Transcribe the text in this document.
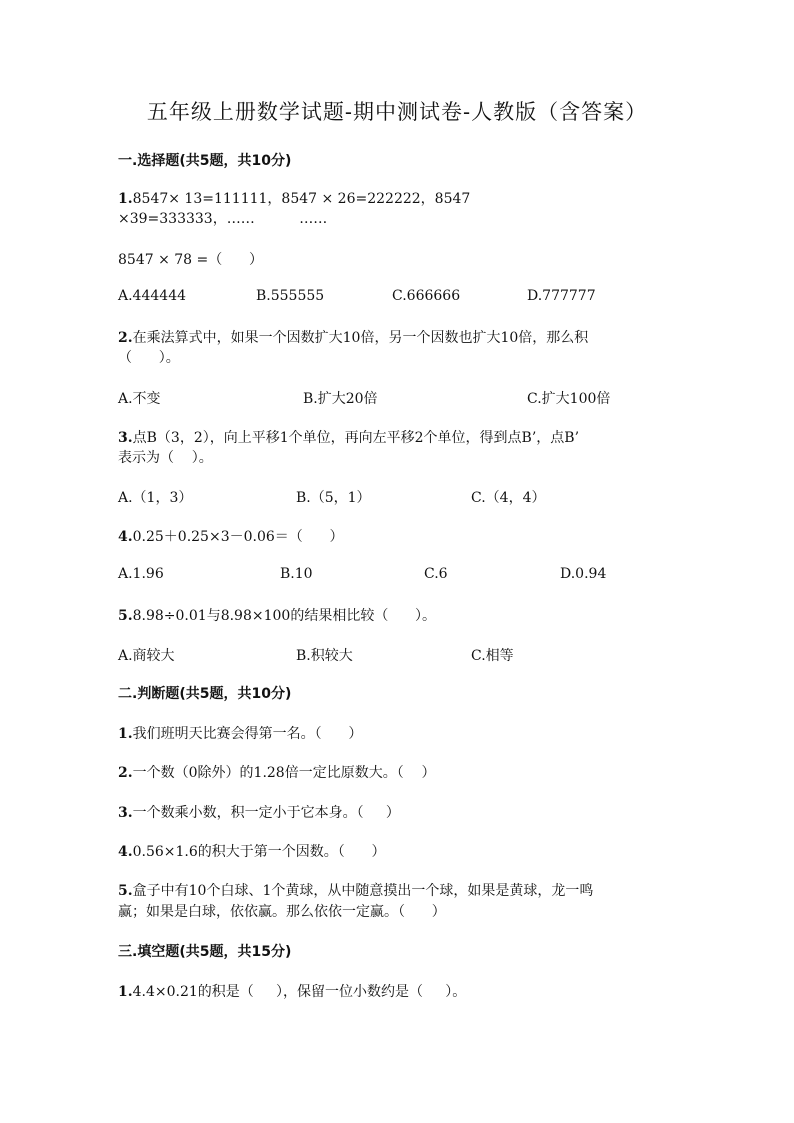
五年级上册数学试题-期中测试卷-人教版（含答案）
一.选择题(共5题，共10分)
1.8547× 13=111111，8547 × 26=222222，8547
×39=333333，……          ……
8547 × 78 =（      ）
A.444444	B.555555	C.666666	D.777777
2.在乘法算式中，如果一个因数扩大10倍，另一个因数也扩大10倍，那么积
（      ）。
A.不变	B.扩大20倍	C.扩大100倍
3.点B（3，2），向上平移1个单位，再向左平移2个单位，得到点B’，点B’
表示为（    ）。
A.（1，3）	B.（5，1）	C.（4，4）
4.0.25＋0.25×3－0.06＝（      ）
A.1.96	B.10	C.6	D.0.94
5.8.98÷0.01与8.98×100的结果相比较（      ）。
A.商较大	B.积较大	C.相等
二.判断题(共5题，共10分)
1.我们班明天比赛会得第一名。（      ）
2.一个数（0除外）的1.28倍一定比原数大。（    ）
3.一个数乘小数，积一定小于它本身。（     ）
4.0.56×1.6的积大于第一个因数。（      ）
5.盒子中有10个白球、1个黄球，从中随意摸出一个球，如果是黄球，龙一鸣
赢；如果是白球，依依赢。那么依依一定赢。（      ）
三.填空题(共5题，共15分)
1.4.4×0.21的积是（     ），保留一位小数约是（     ）。
